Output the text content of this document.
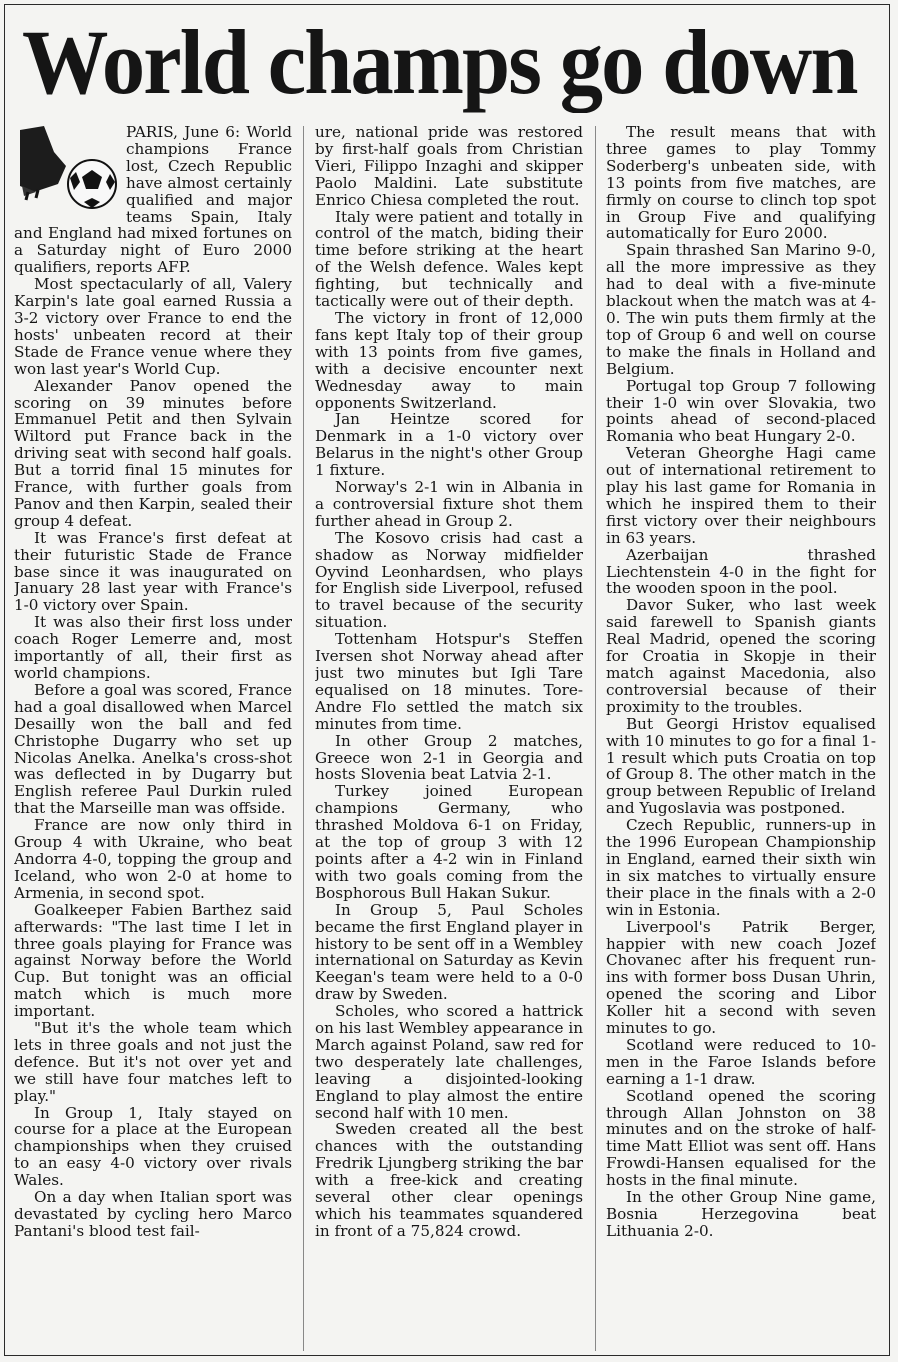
World champs go down

PARIS, June 6: World champions France lost, Czech Republic have almost certainly qualified and major teams Spain, Italy and England had mixed fortunes on a Saturday night of Euro 2000 qualifiers, reports AFP.

Most spectacularly of all, Valery Karpin's late goal earned Russia a 3-2 victory over France to end the hosts' unbeaten record at their Stade de France venue where they won last year's World Cup.

Alexander Panov opened the scoring on 39 minutes before Emmanuel Petit and then Sylvain Wiltord put France back in the driving seat with second half goals. But a torrid final 15 minutes for France, with further goals from Panov and then Karpin, sealed their group 4 defeat.

It was France's first defeat at their futuristic Stade de France base since it was inaugurated on January 28 last year with France's 1-0 victory over Spain.

It was also their first loss under coach Roger Lemerre and, most importantly of all, their first as world champions.

Before a goal was scored, France had a goal disallowed when Marcel Desailly won the ball and fed Christophe Dugarry who set up Nicolas Anelka. Anelka's cross-shot was deflected in by Dugarry but English referee Paul Durkin ruled that the Marseille man was offside.

France are now only third in Group 4 with Ukraine, who beat Andorra 4-0, topping the group and Iceland, who won 2-0 at home to Armenia, in second spot.

Goalkeeper Fabien Barthez said afterwards: "The last time I let in three goals playing for France was against Norway before the World Cup. But tonight was an official match which is much more important.

"But it's the whole team which lets in three goals and not just the defence. But it's not over yet and we still have four matches left to play."

In Group 1, Italy stayed on course for a place at the European championships when they cruised to an easy 4-0 victory over rivals Wales.

On a day when Italian sport was devastated by cycling hero Marco Pantani's blood test fail-

ure, national pride was restored by first-half goals from Christian Vieri, Filippo Inzaghi and skipper Paolo Maldini. Late substitute Enrico Chiesa completed the rout.

Italy were patient and totally in control of the match, biding their time before striking at the heart of the Welsh defence. Wales kept fighting, but technically and tactically were out of their depth.

The victory in front of 12,000 fans kept Italy top of their group with 13 points from five games, with a decisive encounter next Wednesday away to main opponents Switzerland.

Jan Heintze scored for Denmark in a 1-0 victory over Belarus in the night's other Group 1 fixture.

Norway's 2-1 win in Albania in a controversial fixture shot them further ahead in Group 2.

The Kosovo crisis had cast a shadow as Norway midfielder Oyvind Leonhardsen, who plays for English side Liverpool, refused to travel because of the security situation.

Tottenham Hotspur's Steffen Iversen shot Norway ahead after just two minutes but Igli Tare equalised on 18 minutes. Tore-Andre Flo settled the match six minutes from time.

In other Group 2 matches, Greece won 2-1 in Georgia and hosts Slovenia beat Latvia 2-1.

Turkey joined European champions Germany, who thrashed Moldova 6-1 on Friday, at the top of group 3 with 12 points after a 4-2 win in Finland with two goals coming from the Bosphorous Bull Hakan Sukur.

In Group 5, Paul Scholes became the first England player in history to be sent off in a Wembley international on Saturday as Kevin Keegan's team were held to a 0-0 draw by Sweden.

Scholes, who scored a hattrick on his last Wembley appearance in March against Poland, saw red for two desperately late challenges, leaving a disjointed-looking England to play almost the entire second half with 10 men.

Sweden created all the best chances with the outstanding Fredrik Ljungberg striking the bar with a free-kick and creating several other clear openings which his teammates squandered in front of a 75,824 crowd.

The result means that with three games to play Tommy Soderberg's unbeaten side, with 13 points from five matches, are firmly on course to clinch top spot in Group Five and qualifying automatically for Euro 2000.

Spain thrashed San Marino 9-0, all the more impressive as they had to deal with a five-minute blackout when the match was at 4-0. The win puts them firmly at the top of Group 6 and well on course to make the finals in Holland and Belgium.

Portugal top Group 7 following their 1-0 win over Slovakia, two points ahead of second-placed Romania who beat Hungary 2-0.

Veteran Gheorghe Hagi came out of international retirement to play his last game for Romania in which he inspired them to their first victory over their neighbours in 63 years.

Azerbaijan thrashed Liechtenstein 4-0 in the fight for the wooden spoon in the pool.

Davor Suker, who last week said farewell to Spanish giants Real Madrid, opened the scoring for Croatia in Skopje in their match against Macedonia, also controversial because of their proximity to the troubles.

But Georgi Hristov equalised with 10 minutes to go for a final 1-1 result which puts Croatia on top of Group 8. The other match in the group between Republic of Ireland and Yugoslavia was postponed.

Czech Republic, runners-up in the 1996 European Championship in England, earned their sixth win in six matches to virtually ensure their place in the finals with a 2-0 win in Estonia.

Liverpool's Patrik Berger, happier with new coach Jozef Chovanec after his frequent run-ins with former boss Dusan Uhrin, opened the scoring and Libor Koller hit a second with seven minutes to go.

Scotland were reduced to 10-men in the Faroe Islands before earning a 1-1 draw.

Scotland opened the scoring through Allan Johnston on 38 minutes and on the stroke of half-time Matt Elliot was sent off. Hans Frowdi-Hansen equalised for the hosts in the final minute.

In the other Group Nine game, Bosnia Herzegovina beat Lithuania 2-0.
